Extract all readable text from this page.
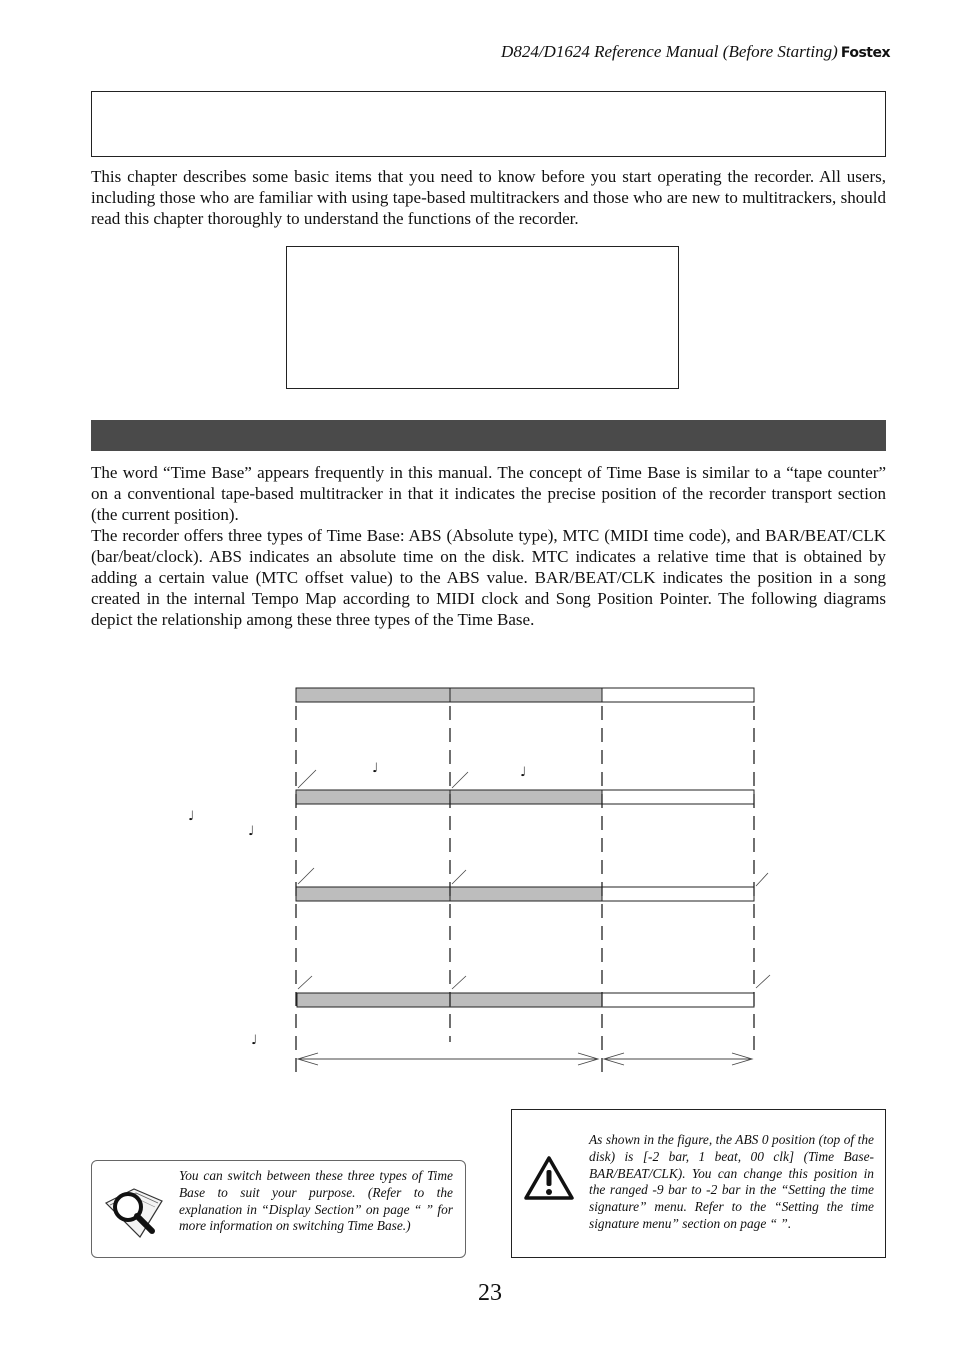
D824/D1624 Reference Manual (Before Starting) Fostex
This chapter describes some basic items that you need to know before you start operating the recorder. All users, including those who are familiar with using tape-based multitrackers and those who are new to multitrackers, should read this chapter thoroughly to understand the functions of the recorder.

The word “Time Base” appears frequently in this manual. The concept of Time Base is similar to a “tape counter” on a conventional tape-based multitracker in that it indicates the precise position of the recorder transport section (the current position).

The recorder offers three types of Time Base: ABS (Absolute type), MTC (MIDI time code), and BAR/BEAT/CLK (bar/beat/clock). ABS indicates an absolute time on the disk. MTC indicates a relative time that is obtained by adding a certain value (MTC offset value) to the ABS value. BAR/BEAT/CLK indicates the position in a song created in the internal Tempo Map according to MIDI clock and Song Position Pointer. The following diagrams depict the relationship among these three types of the Time Base.

♩	♩
♩
♩
♩
You can switch between these three types of Time Base to suit your purpose. (Refer to the explanation in “Display Section” on page “ ” for more information on switching Time Base.)
As shown in the figure, the ABS 0 position (top of the disk) is [-2 bar, 1 beat, 00 clk] (Time Base-BAR/BEAT/CLK). You can change this position in the ranged -9 bar to -2 bar in the “Setting the time signature” menu. Refer to the “Setting the time signature menu” section on page “ ”.
23
